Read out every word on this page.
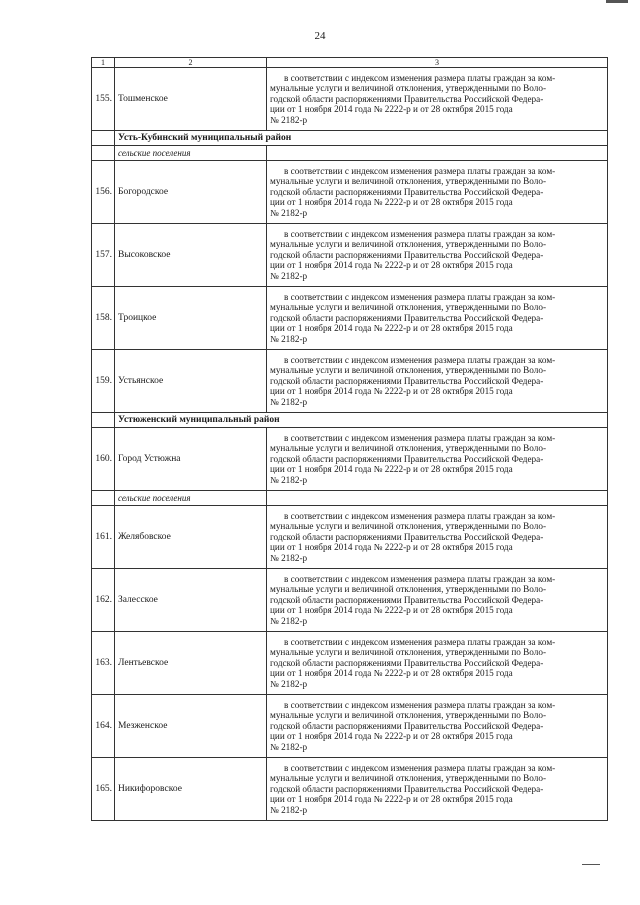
24
1	2	3
155.	Тошменское	в соответствии с индексом изменения размера платы граждан за ком-
мунальные услуги и величиной отклонения, утвержденными по Воло-
годской области распоряжениями Правительства Российской Федера-
ции от 1 ноября 2014 года № 2222-р и от 28 октября 2015 года
№ 2182-р

	Усть-Кубинский муниципальный район	
	сельские поселения	
156.	Богородское	в соответствии с индексом изменения размера платы граждан за ком-
мунальные услуги и величиной отклонения, утвержденными по Воло-
годской области распоряжениями Правительства Российской Федера-
ции от 1 ноября 2014 года № 2222-р и от 28 октября 2015 года
№ 2182-р

157.	Высоковское	в соответствии с индексом изменения размера платы граждан за ком-
мунальные услуги и величиной отклонения, утвержденными по Воло-
годской области распоряжениями Правительства Российской Федера-
ции от 1 ноября 2014 года № 2222-р и от 28 октября 2015 года
№ 2182-р

158.	Троицкое	в соответствии с индексом изменения размера платы граждан за ком-
мунальные услуги и величиной отклонения, утвержденными по Воло-
годской области распоряжениями Правительства Российской Федера-
ции от 1 ноября 2014 года № 2222-р и от 28 октября 2015 года
№ 2182-р

159.	Устьянское	в соответствии с индексом изменения размера платы граждан за ком-
мунальные услуги и величиной отклонения, утвержденными по Воло-
годской области распоряжениями Правительства Российской Федера-
ции от 1 ноября 2014 года № 2222-р и от 28 октября 2015 года
№ 2182-р

	Устюженский муниципальный район	
160.	Город Устюжна	в соответствии с индексом изменения размера платы граждан за ком-
мунальные услуги и величиной отклонения, утвержденными по Воло-
годской области распоряжениями Правительства Российской Федера-
ции от 1 ноября 2014 года № 2222-р и от 28 октября 2015 года
№ 2182-р

	сельские поселения	
161.	Желябовское	в соответствии с индексом изменения размера платы граждан за ком-
мунальные услуги и величиной отклонения, утвержденными по Воло-
годской области распоряжениями Правительства Российской Федера-
ции от 1 ноября 2014 года № 2222-р и от 28 октября 2015 года
№ 2182-р

162.	Залесское	в соответствии с индексом изменения размера платы граждан за ком-
мунальные услуги и величиной отклонения, утвержденными по Воло-
годской области распоряжениями Правительства Российской Федера-
ции от 1 ноября 2014 года № 2222-р и от 28 октября 2015 года
№ 2182-р

163.	Лентьевское	в соответствии с индексом изменения размера платы граждан за ком-
мунальные услуги и величиной отклонения, утвержденными по Воло-
годской области распоряжениями Правительства Российской Федера-
ции от 1 ноября 2014 года № 2222-р и от 28 октября 2015 года
№ 2182-р

164.	Мезженское	в соответствии с индексом изменения размера платы граждан за ком-
мунальные услуги и величиной отклонения, утвержденными по Воло-
годской области распоряжениями Правительства Российской Федера-
ции от 1 ноября 2014 года № 2222-р и от 28 октября 2015 года
№ 2182-р

165.	Никифоровское	в соответствии с индексом изменения размера платы граждан за ком-
мунальные услуги и величиной отклонения, утвержденными по Воло-
годской области распоряжениями Правительства Российской Федера-
ции от 1 ноября 2014 года № 2222-р и от 28 октября 2015 года
№ 2182-р
